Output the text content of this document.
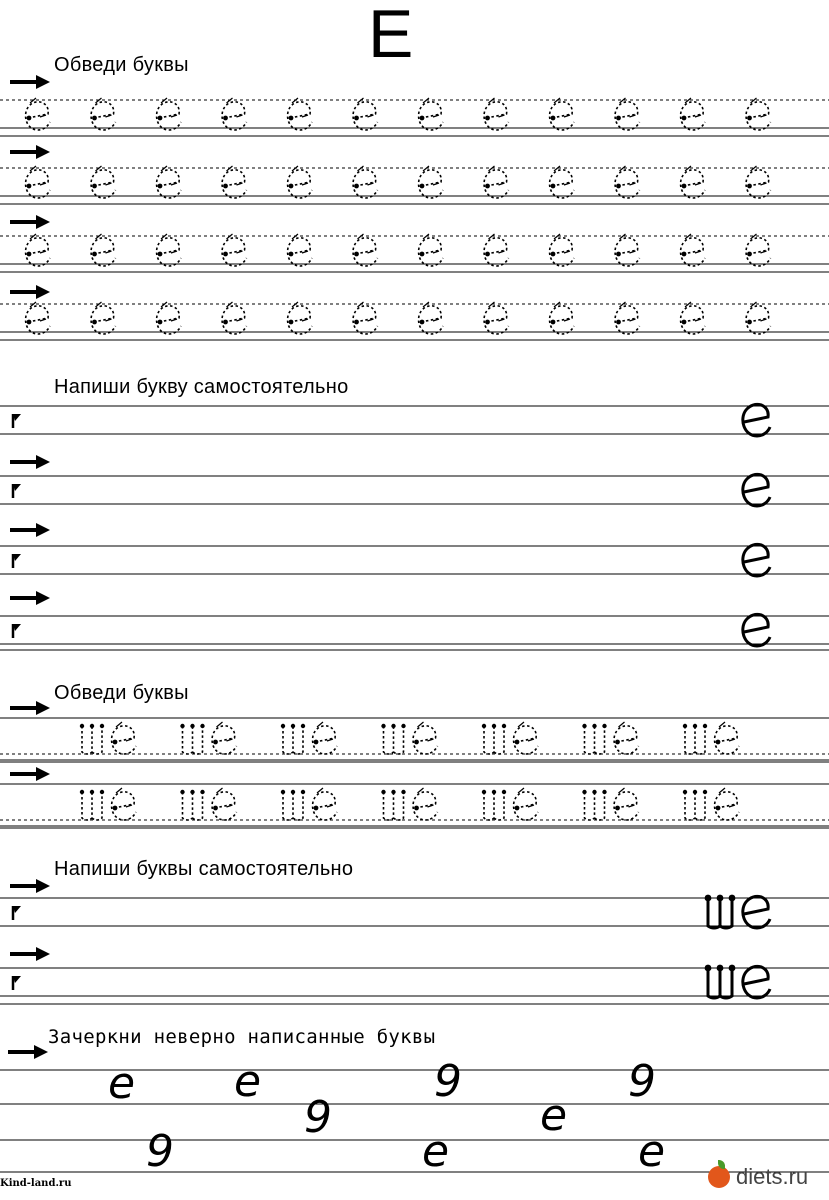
Е
Обведи буквы
Напиши букву самостоятельно
Обведи буквы
Напиши буквы самостоятельно
Зачеркни неверно написанные буквы
e e	9	9
9	e
9	e	e
Kind-land.ru	diets.ru
